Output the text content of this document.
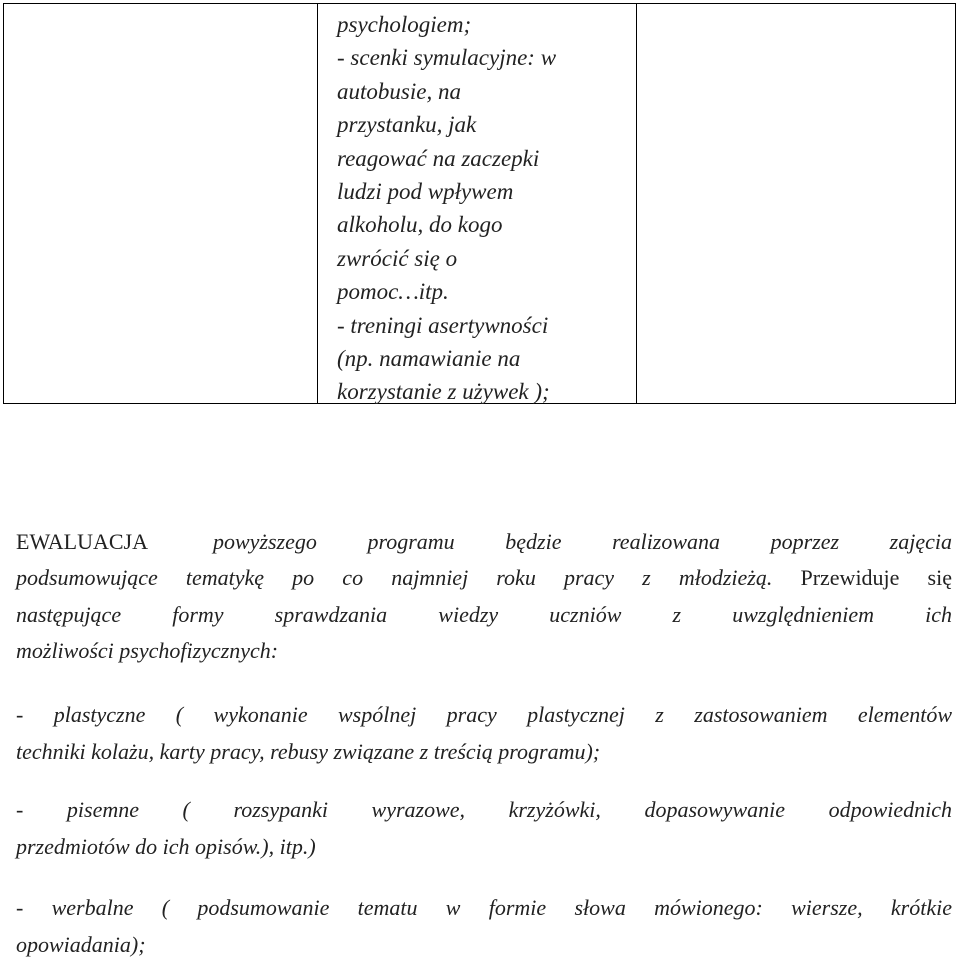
psychologiem;
- scenki symulacyjne: w
autobusie, na
przystanku, jak
reagować na zaczepki
ludzi pod wpływem
alkoholu, do kogo
zwrócić się o
pomoc…itp.
- treningi asertywności
(np. namawianie na
korzystanie z używek );
EWALUACJA	powyższego programu będzie realizowana poprzez zajęcia
podsumowujące tematykę po co najmniej roku pracy z młodzieżą. Przewiduje się
następujące formy sprawdzania wiedzy uczniów z uwzględnieniem ich
możliwości psychofizycznych:
- plastyczne ( wykonanie wspólnej pracy plastycznej z zastosowaniem elementów
techniki kolażu, karty pracy, rebusy związane z treścią programu);
- pisemne ( rozsypanki wyrazowe, krzyżówki, dopasowywanie odpowiednich
przedmiotów do ich opisów.), itp.)
- werbalne ( podsumowanie tematu w formie słowa mówionego: wiersze, krótkie
opowiadania);
